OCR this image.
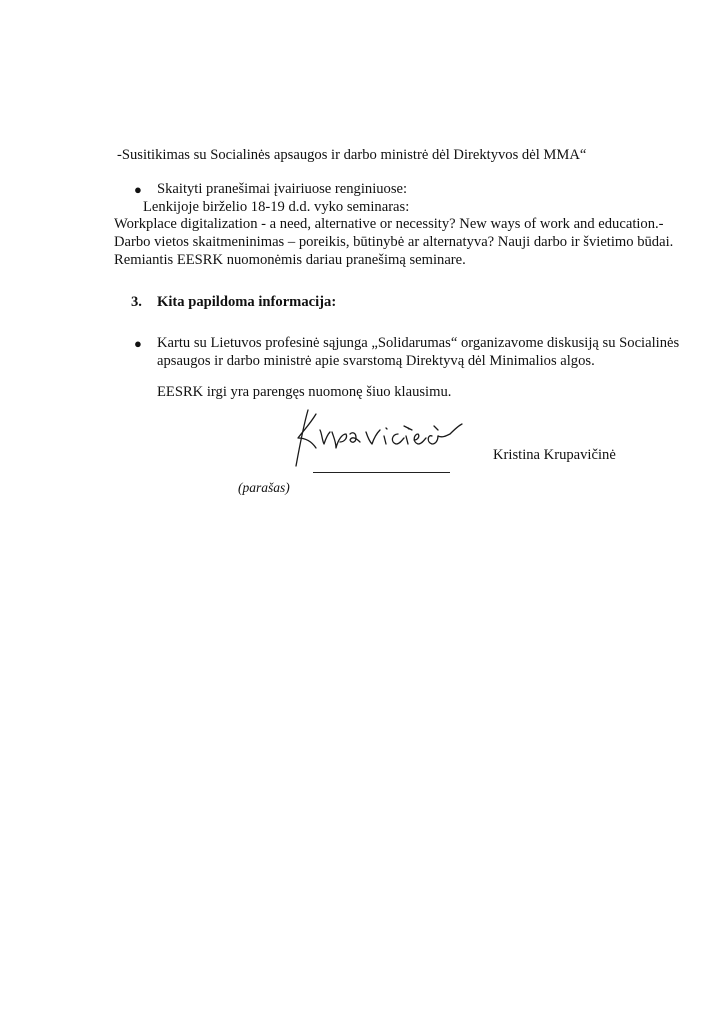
-Susitikimas su Socialinės apsaugos ir darbo ministrė dėl Direktyvos dėl MMA“
● Skaityti pranešimai įvairiuose renginiuose:
Lenkijoje birželio 18-19 d.d. vyko seminaras:
Workplace digitalization - a need, alternative or necessity? New ways of work and education.-
Darbo vietos skaitmeninimas – poreikis, būtinybė ar alternatyva? Nauji darbo ir švietimo būdai.
Remiantis EESRK nuomonėmis dariau pranešimą seminare.
3. Kita papildoma informacija:
● Kartu su Lietuvos profesinė sąjunga „Solidarumas“ organizavome diskusiją su Socialinės
apsaugos ir darbo ministrė apie svarstomą Direktyvą dėl Minimalios algos.
EESRK irgi yra parengęs nuomonę šiuo klausimu.
Kristina Krupavičinė
(parašas)
